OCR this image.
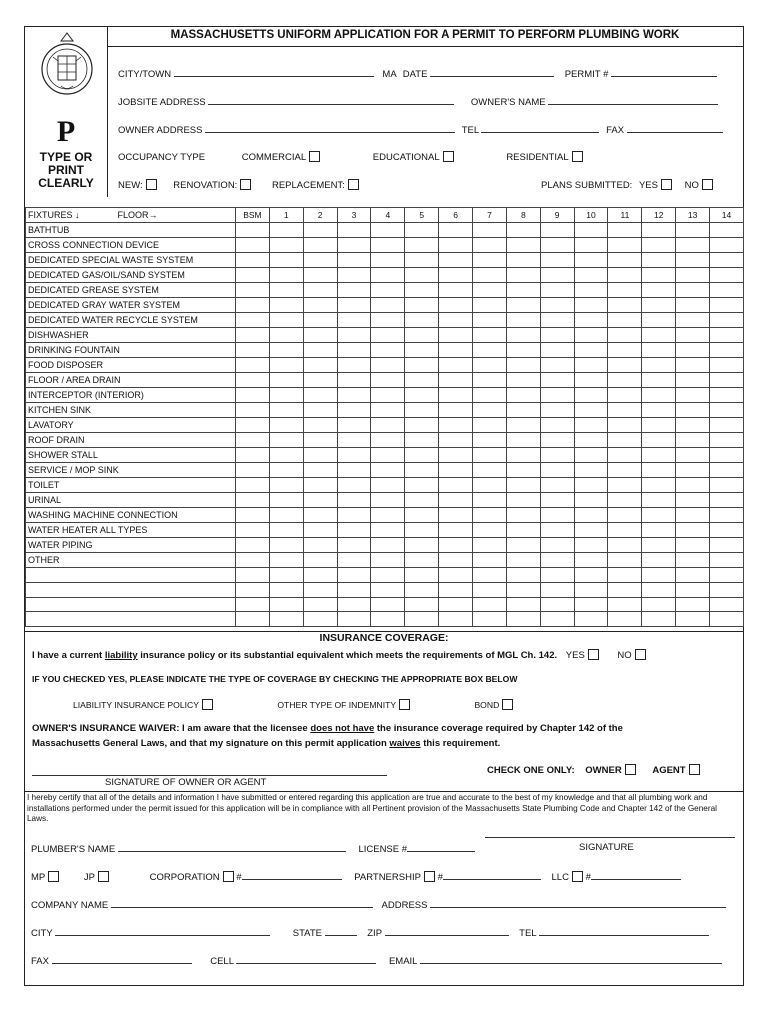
P
TYPE OR
PRINT
CLEARLY
MASSACHUSETTS UNIFORM APPLICATION FOR A PERMIT TO PERFORM PLUMBING WORK
CITY/TOWN	MA DATE	PERMIT #
JOBSITE ADDRESS	OWNER'S NAME
OWNER ADDRESS	TEL	FAX
OCCUPANCY TYPE	COMMERCIAL	EDUCATIONAL	RESIDENTIAL
NEW:	RENOVATION:	REPLACEMENT:	PLANS SUBMITTED: YES	NO
FIXTURES ↓ FLOOR→	BSM	1	2	3	4	5	6	7	8	9	10	11	12	13	14
BATHTUB															
CROSS CONNECTION DEVICE															
DEDICATED SPECIAL WASTE SYSTEM															
DEDICATED GAS/OIL/SAND SYSTEM															
DEDICATED GREASE SYSTEM															
DEDICATED GRAY WATER SYSTEM															
DEDICATED WATER RECYCLE SYSTEM															
DISHWASHER															
DRINKING FOUNTAIN															
FOOD DISPOSER															
FLOOR / AREA DRAIN															
INTERCEPTOR (INTERIOR)															
KITCHEN SINK															
LAVATORY															
ROOF DRAIN															
SHOWER STALL															
SERVICE / MOP SINK															
TOILET															
URINAL															
WASHING MACHINE CONNECTION															
WATER HEATER ALL TYPES															
WATER PIPING															
OTHER															

INSURANCE COVERAGE:
I have a current liability insurance policy or its substantial equivalent which meets the requirements of MGL Ch. 142. YES	NO
IF YOU CHECKED YES, PLEASE INDICATE THE TYPE OF COVERAGE BY CHECKING THE APPROPRIATE BOX BELOW
LIABILITY INSURANCE POLICY	OTHER TYPE OF INDEMNITY	BOND
OWNER'S INSURANCE WAIVER: I am aware that the licensee does not have the insurance coverage required by Chapter 142 of the
Massachusetts General Laws, and that my signature on this permit application waives this requirement.
SIGNATURE OF OWNER OR AGENT
CHECK ONE ONLY: OWNER	AGENT
I hereby certify that all of the details and information I have submitted or entered regarding this application are true and accurate to the best of my knowledge and that all plumbing work and installations performed under the permit issued for this application will be in compliance with all Pertinent provision of the Massachusetts State Plumbing Code and Chapter 142 of the General Laws.
PLUMBER'S NAME	LICENSE #	SIGNATURE
MP	JP	CORPORATION #	PARTNERSHIP #	LLC #
COMPANY NAME	ADDRESS
CITY	STATE	ZIP	TEL
FAX	CELL	EMAIL
